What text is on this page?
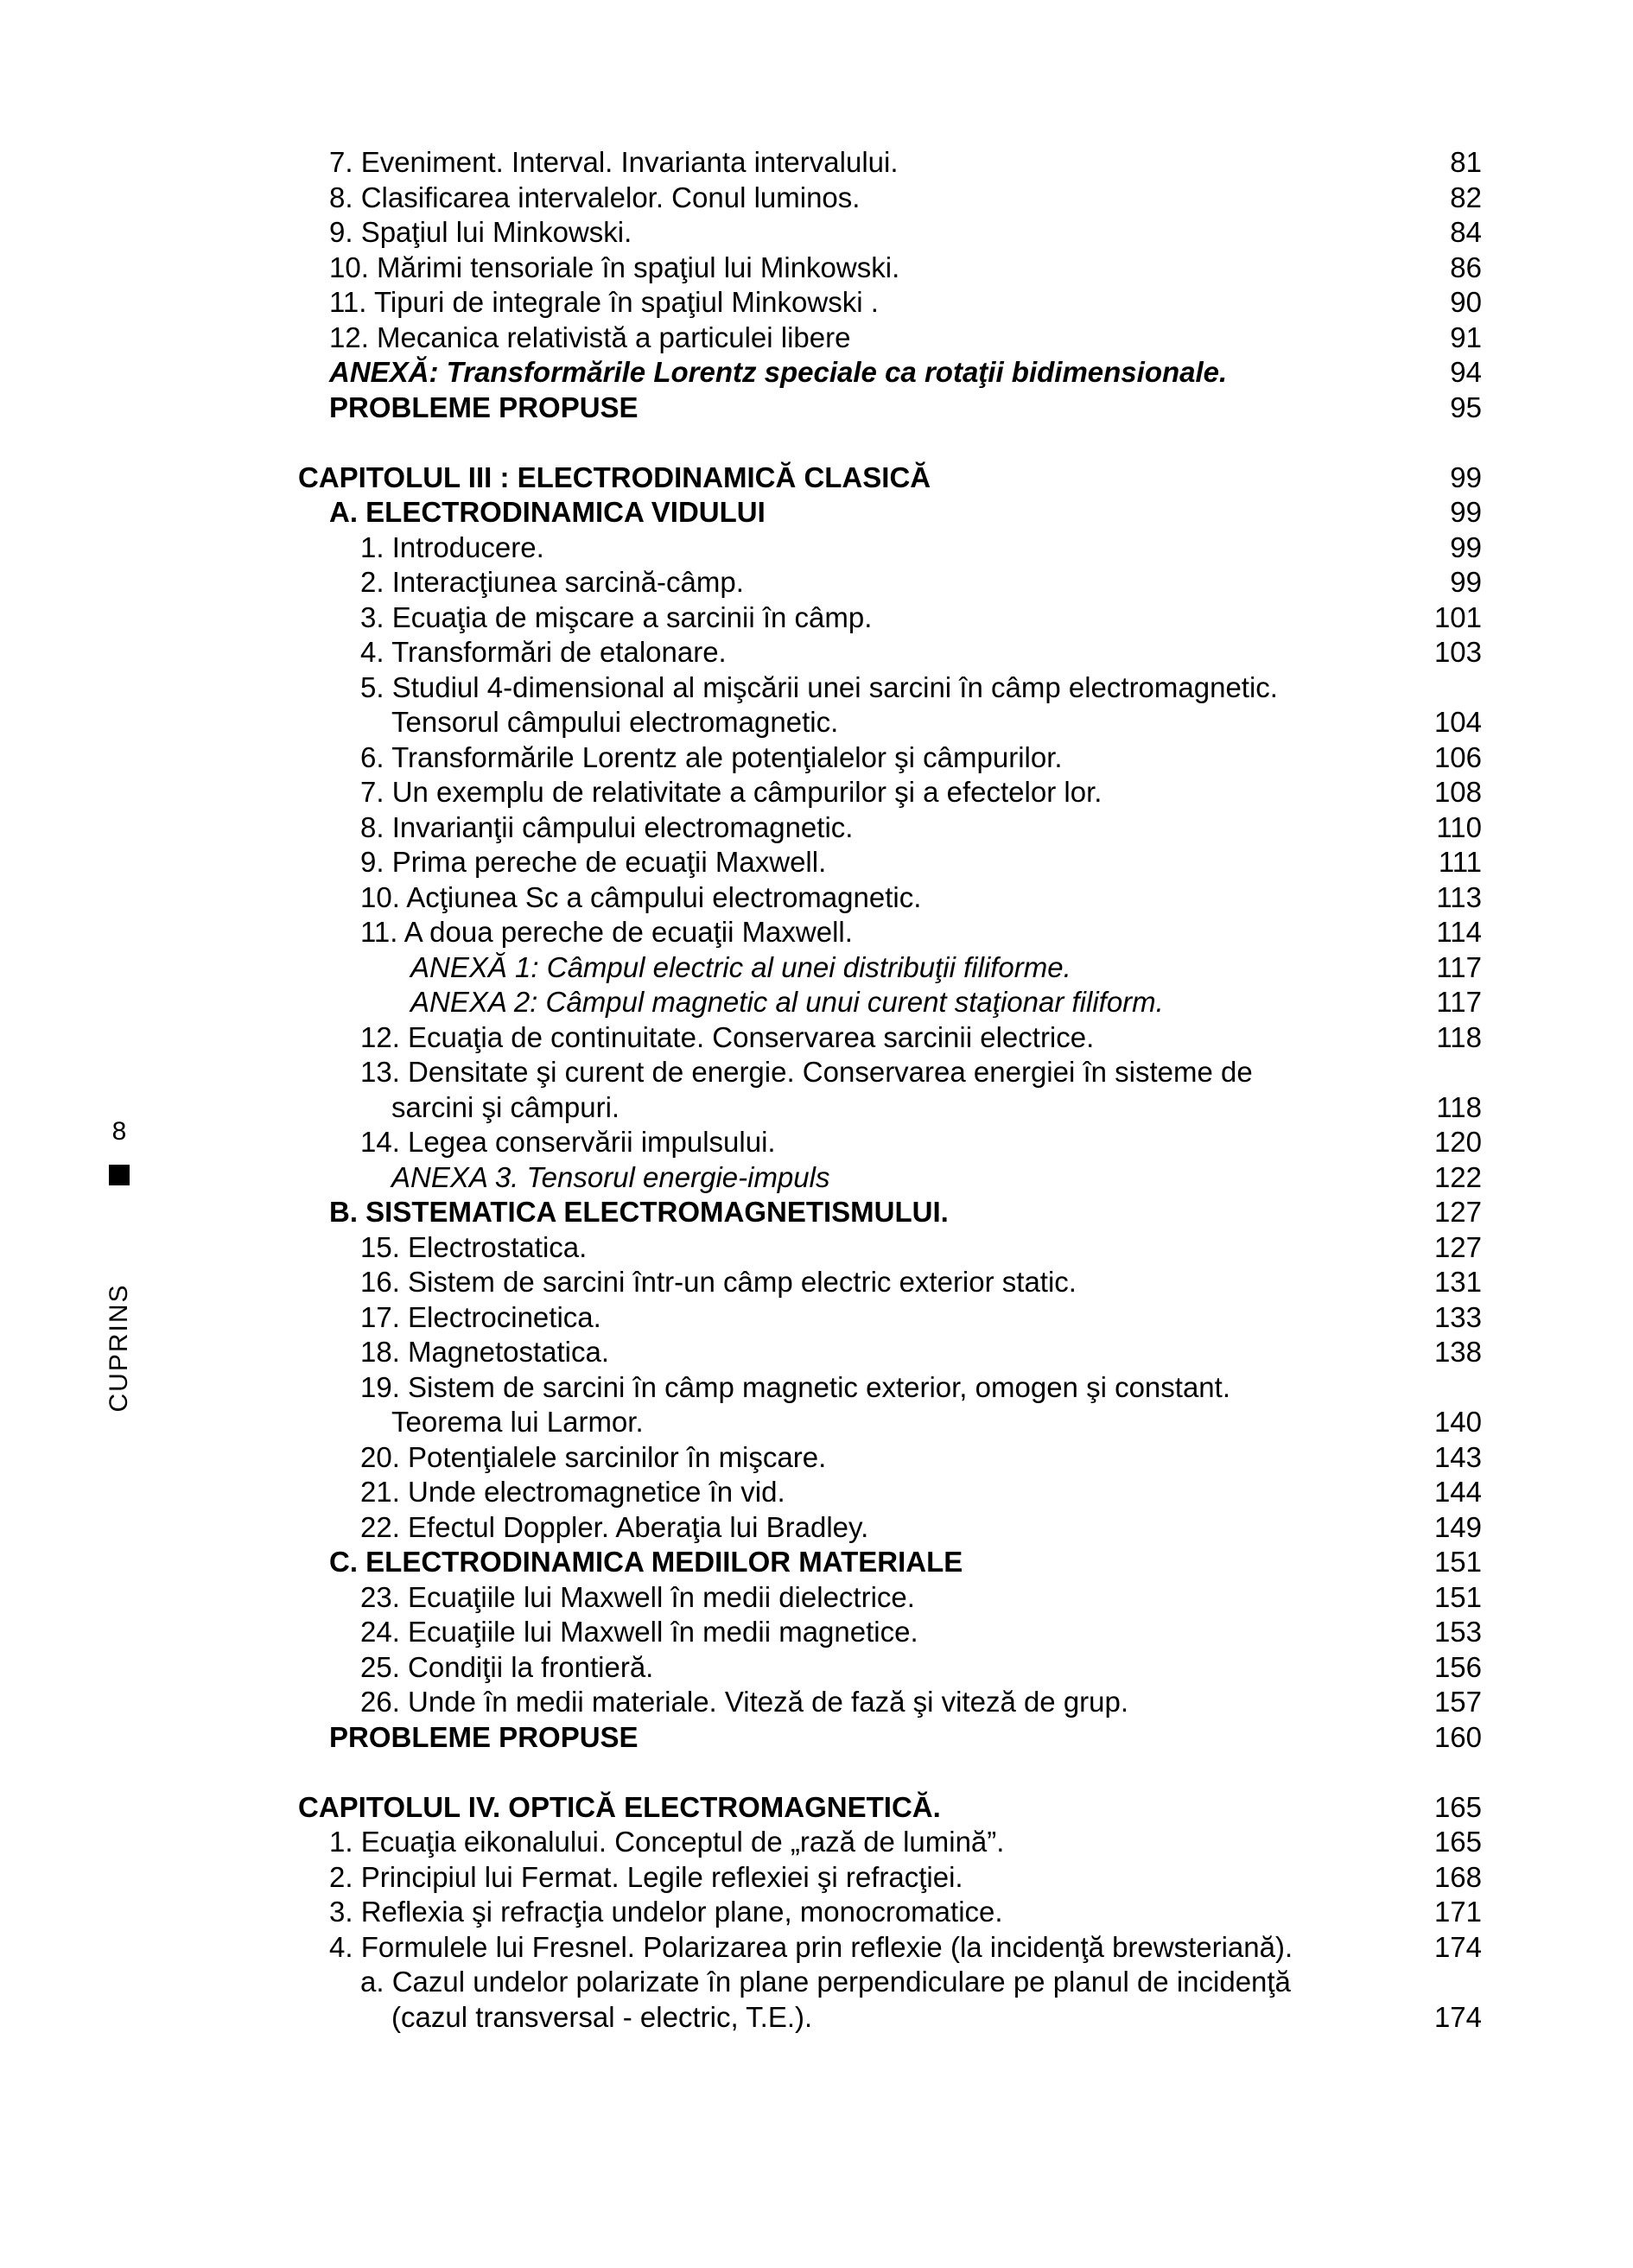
8
CUPRINS
7. Eveniment. Interval. Invarianta intervalului.	81
8. Clasificarea intervalelor. Conul luminos.	82
9. Spaţiul lui Minkowski.	84
10. Mărimi tensoriale în spaţiul lui Minkowski.	86
11. Tipuri de integrale în spaţiul Minkowski .	90
12. Mecanica relativistă a particulei libere	91
ANEXĂ: Transformările Lorentz speciale ca rotaţii bidimensionale.	94
PROBLEME PROPUSE	95
CAPITOLUL III : ELECTRODINAMICĂ CLASICĂ	99
A. ELECTRODINAMICA VIDULUI	99
1. Introducere.	99
2. Interacţiunea sarcină-câmp.	99
3. Ecuaţia de mişcare a sarcinii în câmp.	101
4. Transformări de etalonare.	103
5. Studiul 4-dimensional al mişcării unei sarcini în câmp electromagnetic.
Tensorul câmpului electromagnetic.	104
6. Transformările Lorentz ale potenţialelor şi câmpurilor.	106
7. Un exemplu de relativitate a câmpurilor şi a efectelor lor.	108
8. Invarianţii câmpului electromagnetic.	110
9. Prima pereche de ecuaţii Maxwell.	111
10. Acţiunea Sc a câmpului electromagnetic.	113
11. A doua pereche de ecuaţii Maxwell.	114
ANEXĂ 1: Câmpul electric al unei distribuţii filiforme.	117
ANEXA 2: Câmpul magnetic al unui curent staţionar filiform.	117
12. Ecuaţia de continuitate. Conservarea sarcinii electrice.	118
13. Densitate şi curent de energie. Conservarea energiei în sisteme de
sarcini şi câmpuri.	118
14. Legea conservării impulsului.	120
ANEXA 3. Tensorul energie-impuls	122
B. SISTEMATICA ELECTROMAGNETISMULUI.	127
15. Electrostatica.	127
16. Sistem de sarcini într-un câmp electric exterior static.	131
17. Electrocinetica.	133
18. Magnetostatica.	138
19. Sistem de sarcini în câmp magnetic exterior, omogen şi constant.
Teorema lui Larmor.	140
20. Potenţialele sarcinilor în mişcare.	143
21. Unde electromagnetice în vid.	144
22. Efectul Doppler. Aberaţia lui Bradley.	149
C. ELECTRODINAMICA MEDIILOR MATERIALE	151
23. Ecuaţiile lui Maxwell în medii dielectrice.	151
24. Ecuaţiile lui Maxwell în medii magnetice.	153
25. Condiţii la frontieră.	156
26. Unde în medii materiale. Viteză de fază şi viteză de grup.	157
PROBLEME PROPUSE	160
CAPITOLUL IV. OPTICĂ ELECTROMAGNETICĂ.	165
1. Ecuaţia eikonalului. Conceptul de „rază de lumină”.	165
2. Principiul lui Fermat. Legile reflexiei şi refracţiei.	168
3. Reflexia şi refracţia undelor plane, monocromatice.	171
4. Formulele lui Fresnel. Polarizarea prin reflexie (la incidenţă brewsteriană).	174
a. Cazul undelor polarizate în plane perpendiculare pe planul de incidenţă
(cazul transversal - electric, T.E.).	174
